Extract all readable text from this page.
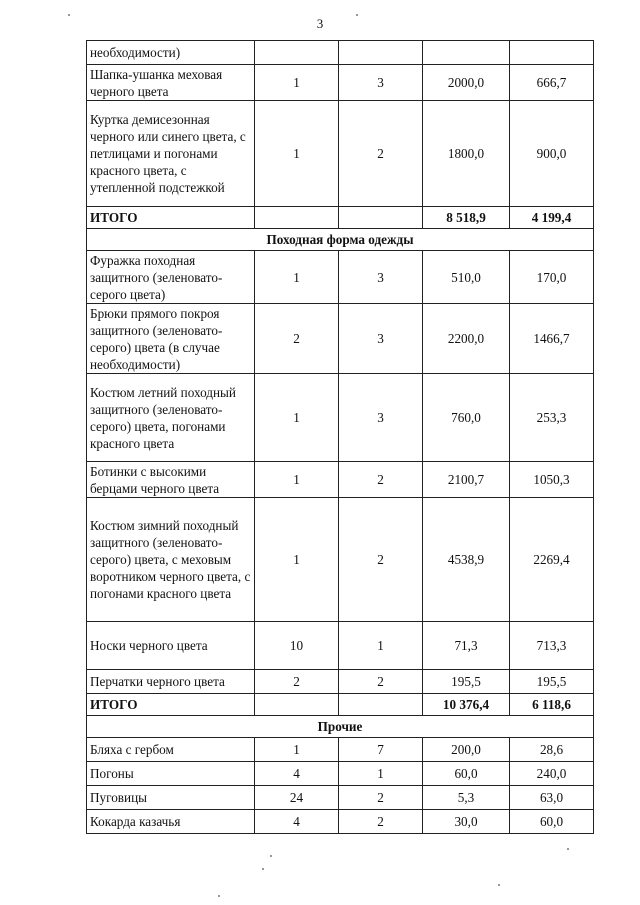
3
необходимости)				
Шапка-ушанка меховая черного цвета	1	3	2000,0	666,7
Куртка демисезонная черного или синего цвета, с петлицами и погонами красного цвета, с утепленной подстежкой	1	2	1800,0	900,0
ИТОГО			8 518,9	4 199,4
Походная форма одежды				
Фуражка походная защитного (зеленовато-серого цвета)	1	3	510,0	170,0
Брюки прямого покроя защитного (зеленовато-серого) цвета (в случае необходимости)	2	3	2200,0	1466,7
Костюм летний походный защитного (зеленовато-серого) цвета, погонами красного цвета	1	3	760,0	253,3
Ботинки с высокими берцами черного цвета	1	2	2100,7	1050,3
Костюм зимний походный защитного (зеленовато-серого) цвета, с меховым воротником черного цвета, с погонами красного цвета	1	2	4538,9	2269,4
Носки черного цвета	10	1	71,3	713,3
Перчатки черного цвета	2	2	195,5	195,5
ИТОГО			10 376,4	6 118,6
Прочие				
Бляха с гербом	1	7	200,0	28,6
Погоны	4	1	60,0	240,0
Пуговицы	24	2	5,3	63,0
Кокарда казачья	4	2	30,0	60,0
